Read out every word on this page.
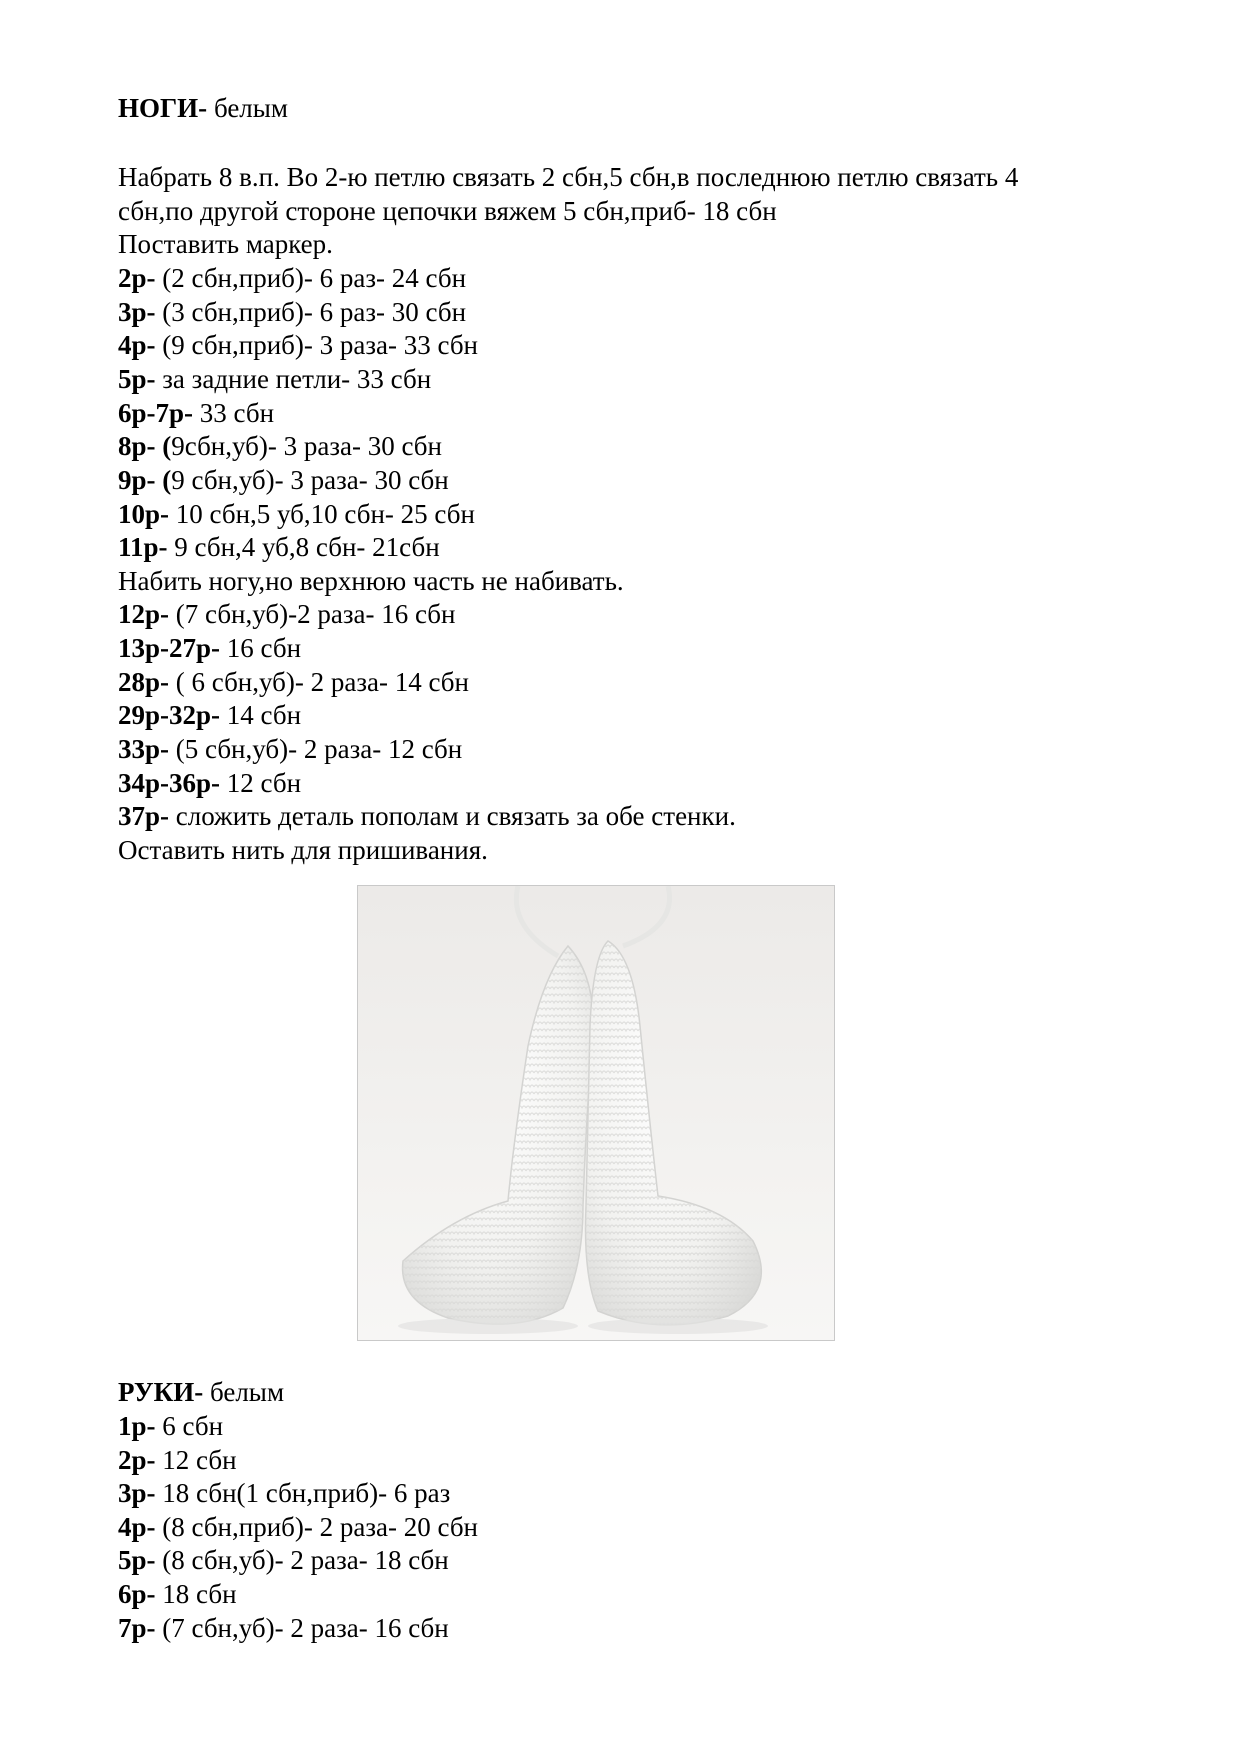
НОГИ- белым
Набрать 8 в.п. Во 2-ю петлю связать 2 сбн,5 сбн,в последнюю петлю связать 4
сбн,по другой стороне цепочки вяжем 5 сбн,приб- 18 сбн
Поставить маркер.
2р- (2 сбн,приб)- 6 раз- 24 сбн
3р- (3 сбн,приб)- 6 раз- 30 сбн
4р- (9 сбн,приб)- 3 раза- 33 сбн
5р- за задние петли- 33 сбн
6р-7р- 33 сбн
8р- (9сбн,уб)- 3 раза- 30 сбн
9р- (9 сбн,уб)- 3 раза- 30 сбн
10р- 10 сбн,5 уб,10 сбн- 25 сбн
11р- 9 сбн,4 уб,8 сбн- 21сбн
Набить ногу,но верхнюю часть не набивать.
12р- (7 сбн,уб)-2 раза- 16 сбн
13р-27р- 16 сбн
28р- ( 6 сбн,уб)- 2 раза- 14 сбн
29р-32р- 14 сбн
33р- (5 сбн,уб)- 2 раза- 12 сбн
34р-36р- 12 сбн
37р- сложить деталь пополам и связать за обе стенки.
Оставить нить для пришивания.
РУКИ- белым
1р- 6 сбн
2р- 12 сбн
3р- 18 сбн(1 сбн,приб)- 6 раз
4р- (8 сбн,приб)- 2 раза- 20 сбн
5р- (8 сбн,уб)- 2 раза- 18 сбн
6р- 18 сбн
7р- (7 сбн,уб)- 2 раза- 16 сбн
